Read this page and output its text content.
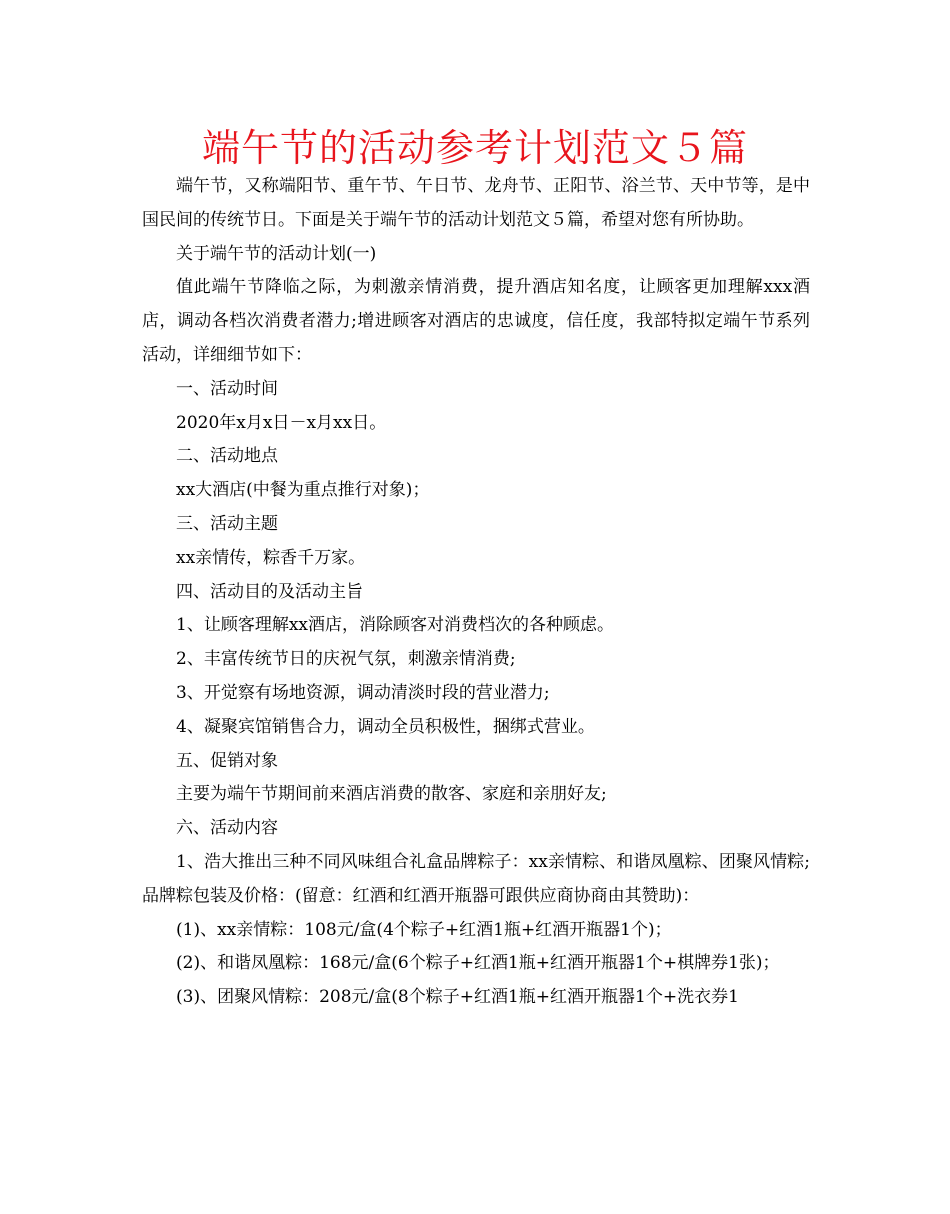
端午节的活动参考计划范文５篇

端午节，又称端阳节、重午节、午日节、龙舟节、正阳节、浴兰节、天中节等，是中国民间的传统节日。下面是关于端午节的活动计划范文５篇，希望对您有所协助。

关于端午节的活动计划(一)

值此端午节降临之际，为刺激亲情消费，提升酒店知名度，让顾客更加理解xxx酒店，调动各档次消费者潜力;增进顾客对酒店的忠诚度，信任度，我部特拟定端午节系列活动，详细细节如下：

一、活动时间

2020年x月x日－x月xx日。

二、活动地点

xx大酒店(中餐为重点推行对象)；

三、活动主题

xx亲情传，粽香千万家。

四、活动目的及活动主旨

1、让顾客理解xx酒店，消除顾客对消费档次的各种顾虑。

2、丰富传统节日的庆祝气氛，刺激亲情消费;

3、开觉察有场地资源，调动清淡时段的营业潜力;

4、凝聚宾馆销售合力，调动全员积极性，捆绑式营业。

五、促销对象

主要为端午节期间前来酒店消费的散客、家庭和亲朋好友;

六、活动内容

1、浩大推出三种不同风味组合礼盒品牌粽子：xx亲情粽、和谐凤凰粽、团聚风情粽;品牌粽包装及价格：(留意：红酒和红酒开瓶器可跟供应商协商由其赞助)：

(1)、xx亲情粽：108元/盒(4个粽子+红酒1瓶+红酒开瓶器1个)；

(2)、和谐凤凰粽：168元/盒(6个粽子+红酒1瓶+红酒开瓶器1个+棋牌券1张)；

(3)、团聚风情粽：208元/盒(8个粽子+红酒1瓶+红酒开瓶器1个+洗衣券1
